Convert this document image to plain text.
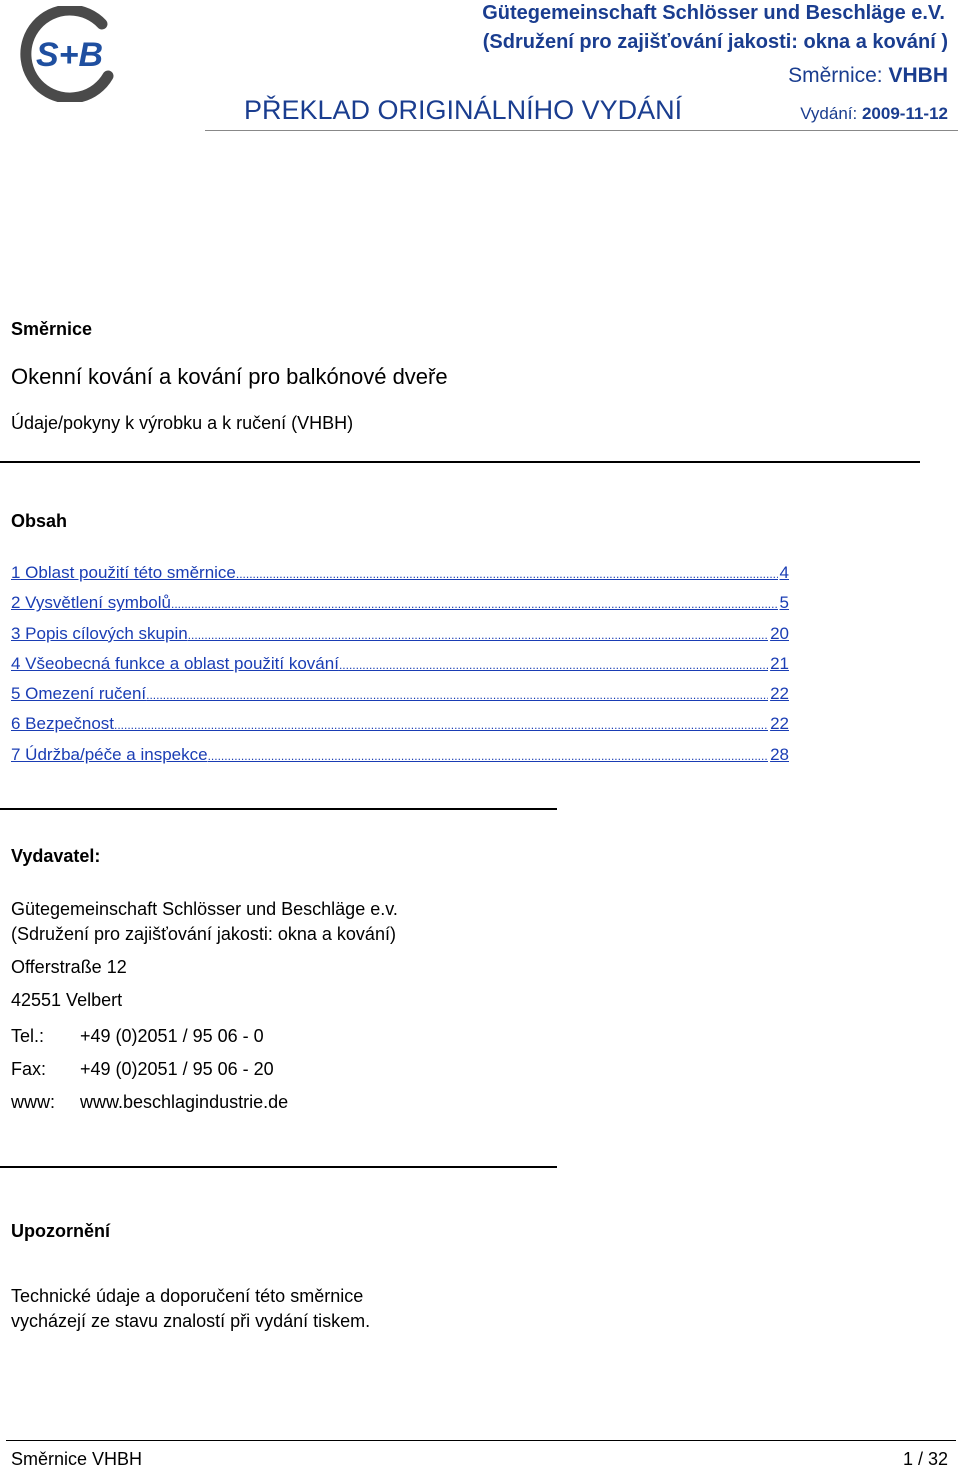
S+B
Gütegemeinschaft Schlösser und Beschläge e.V.
(Sdružení pro zajišťování jakosti: okna a kování )
Směrnice: VHBH
PŘEKLAD ORIGINÁLNÍHO VYDÁNÍ	Vydání: 2009-11-12
Směrnice
Okenní kování a kování pro balkónové dveře
Údaje/pokyny k výrobku a k ručení (VHBH)
Obsah
1 Oblast použití této směrnice .....	4
2 Vysvětlení symbolů .....	5
3 Popis cílových skupin .....	20
4 Všeobecná funkce a oblast použití kování .....	21
5 Omezení ručení .....	22
6 Bezpečnost .....	22
7 Údržba/péče a inspekce .....	28
Vydavatel:
Gütegemeinschaft Schlösser und Beschläge e.v.
(Sdružení pro zajišťování jakosti: okna a kování)
Offerstraße 12
42551 Velbert
Tel.: +49 (0)2051 / 95 06 - 0
Fax: +49 (0)2051 / 95 06 - 20
www: www.beschlagindustrie.de
Upozornění
Technické údaje a doporučení této směrnice
vycházejí ze stavu znalostí při vydání tiskem.
Směrnice VHBH	1 / 32
